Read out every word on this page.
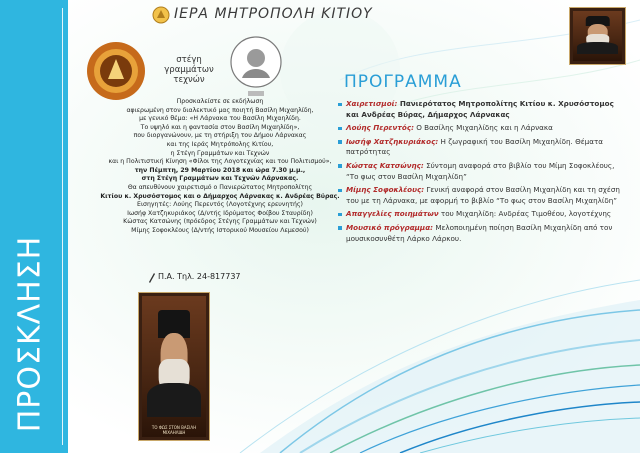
ΠΡΟΣΚΛΗΣΗ
ΙΕΡΑ ΜΗΤΡΟΠΟΛΗ ΚΙΤΙΟΥ
στέγη
γραμμάτων
τεχνών
Προσκαλείστε σε εκδήλωση
αφιερωμένη στον διαλεκτικό μας ποιητή Βασίλη Μιχαηλίδη,
με γενικό θέμα: «Η Λάρνακα του Βασίλη Μιχαηλίδη.
Το υψηλό και η φαντασία στον Βασίλη Μιχαηλίδη»,
που διοργανώνουν, με τη στήριξη του Δήμου Λάρνακας
και της Ιεράς Μητρόπολης Κιτίου,
η Στέγη Γραμμάτων και Τεχνών
και η Πολιτιστική Κίνηση «Φίλοι της Λογοτεχνίας και του Πολιτισμού»,
την Πέμπτη, 29 Μαρτίου 2018 και ώρα 7.30 μ.μ.,
στη Στέγη Γραμμάτων και Τεχνών Λάρνακας.
Θα απευθύνουν χαιρετισμό ο Πανιερώτατος Μητροπολίτης
Κιτίου κ. Χρυσόστομος και ο Δήμαρχος Λάρνακας κ. Ανδρέας Βύρας.
Εισηγητές: Λούης Περεντός (Λογοτέχνης ερευνητής)
Ιωσήφ Χατζηκυριάκος (Δ/ντής Ιδρύματος Φοίβου Σταυρίδη)
Κώστας Κατσώνης (πρόεδρος Στέγης Γραμμάτων και Τεχνών)
Μίμης Σοφοκλέους (Δ/ντής Ιστορικού Μουσείου Λεμεσού)
Π.Α. Τηλ. 24-817737
ΤΟ ΦΩΣ ΣΤΟΝ ΒΑΣΙΛΗ ΜΙΧΑΗΛΙΔΗ
ΠΡΟΓΡΑΜΜΑ
Χαιρετισμοί: Πανιερότατος Μητροπολίτης Κιτίου κ. Χρυσόστομος και Ανδρέας Βύρας, Δήμαρχος Λάρνακας
Λούης Περεντός: Ο Βασίλης Μιχαηλίδης και η Λάρνακα
Ιωσήφ Χατζηκυριάκος: Η ζωγραφική του Βασίλη Μιχαηλίδη. Θέματα πατρότητας
Κώστας Κατσώνης: Σύντομη αναφορά στο βιβλίο του Μίμη Σοφοκλέους, “Το φως στον Βασίλη Μιχαηλίδη”
Μίμης Σοφοκλέους: Γενική αναφορά στον Βασίλη Μιχαηλίδη και τη σχέση του με τη Λάρνακα, με αφορμή το βιβλίο “Το φως στον Βασίλη Μιχαηλίδη”
Απαγγελίες ποιημάτων του Μιχαηλίδη: Ανδρέας Τιμοθέου, λογοτέχνης
Μουσικό πρόγραμμα: Μελοποιημένη ποίηση Βασίλη Μιχαηλίδη από τον μουσικοσυνθέτη Λάρκο Λάρκου.
